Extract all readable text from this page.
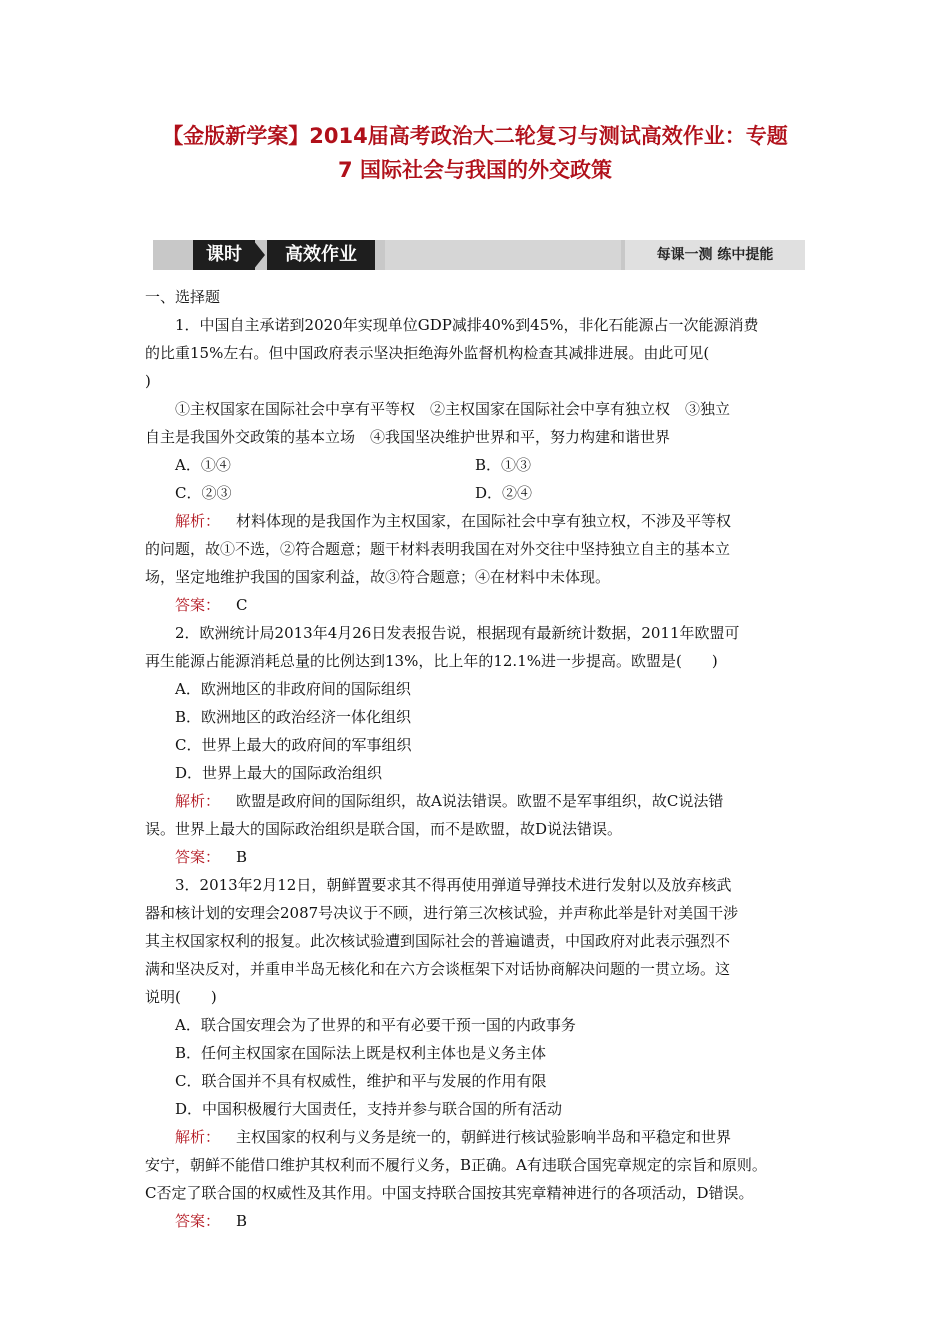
【金版新学案】2014届高考政治大二轮复习与测试高效作业：专题
7 国际社会与我国的外交政策
课时	高效作业	每课一测 练中提能
一、选择题
1．中国自主承诺到2020年实现单位GDP减排40%到45%，非化石能源占一次能源消费
的比重15%左右。但中国政府表示坚决拒绝海外监督机构检查其减排进展。由此可见(
)
①主权国家在国际社会中享有平等权　②主权国家在国际社会中享有独立权　③独立
自主是我国外交政策的基本立场　④我国坚决维护世界和平，努力构建和谐世界
A．①④	B．①③
C．②③	D．②④
解析： 材料体现的是我国作为主权国家，在国际社会中享有独立权，不涉及平等权
的问题，故①不选，②符合题意；题干材料表明我国在对外交往中坚持独立自主的基本立
场，坚定地维护我国的国家利益，故③符合题意；④在材料中未体现。
答案： C
2．欧洲统计局2013年4月26日发表报告说，根据现有最新统计数据，2011年欧盟可
再生能源占能源消耗总量的比例达到13%，比上年的12.1%进一步提高。欧盟是(　　)
A．欧洲地区的非政府间的国际组织
B．欧洲地区的政治经济一体化组织
C．世界上最大的政府间的军事组织
D．世界上最大的国际政治组织
解析： 欧盟是政府间的国际组织，故A说法错误。欧盟不是军事组织，故C说法错
误。世界上最大的国际政治组织是联合国，而不是欧盟，故D说法错误。
答案： B
3．2013年2月12日，朝鲜置要求其不得再使用弹道导弹技术进行发射以及放弃核武
器和核计划的安理会2087号决议于不顾，进行第三次核试验，并声称此举是针对美国干涉
其主权国家权利的报复。此次核试验遭到国际社会的普遍谴责，中国政府对此表示强烈不
满和坚决反对，并重申半岛无核化和在六方会谈框架下对话协商解决问题的一贯立场。这
说明(　　)
A．联合国安理会为了世界的和平有必要干预一国的内政事务
B．任何主权国家在国际法上既是权利主体也是义务主体
C．联合国并不具有权威性，维护和平与发展的作用有限
D．中国积极履行大国责任，支持并参与联合国的所有活动
解析： 主权国家的权利与义务是统一的，朝鲜进行核试验影响半岛和平稳定和世界
安宁，朝鲜不能借口维护其权利而不履行义务，B正确。A有违联合国宪章规定的宗旨和原则。
C否定了联合国的权威性及其作用。中国支持联合国按其宪章精神进行的各项活动，D错误。
答案： B
